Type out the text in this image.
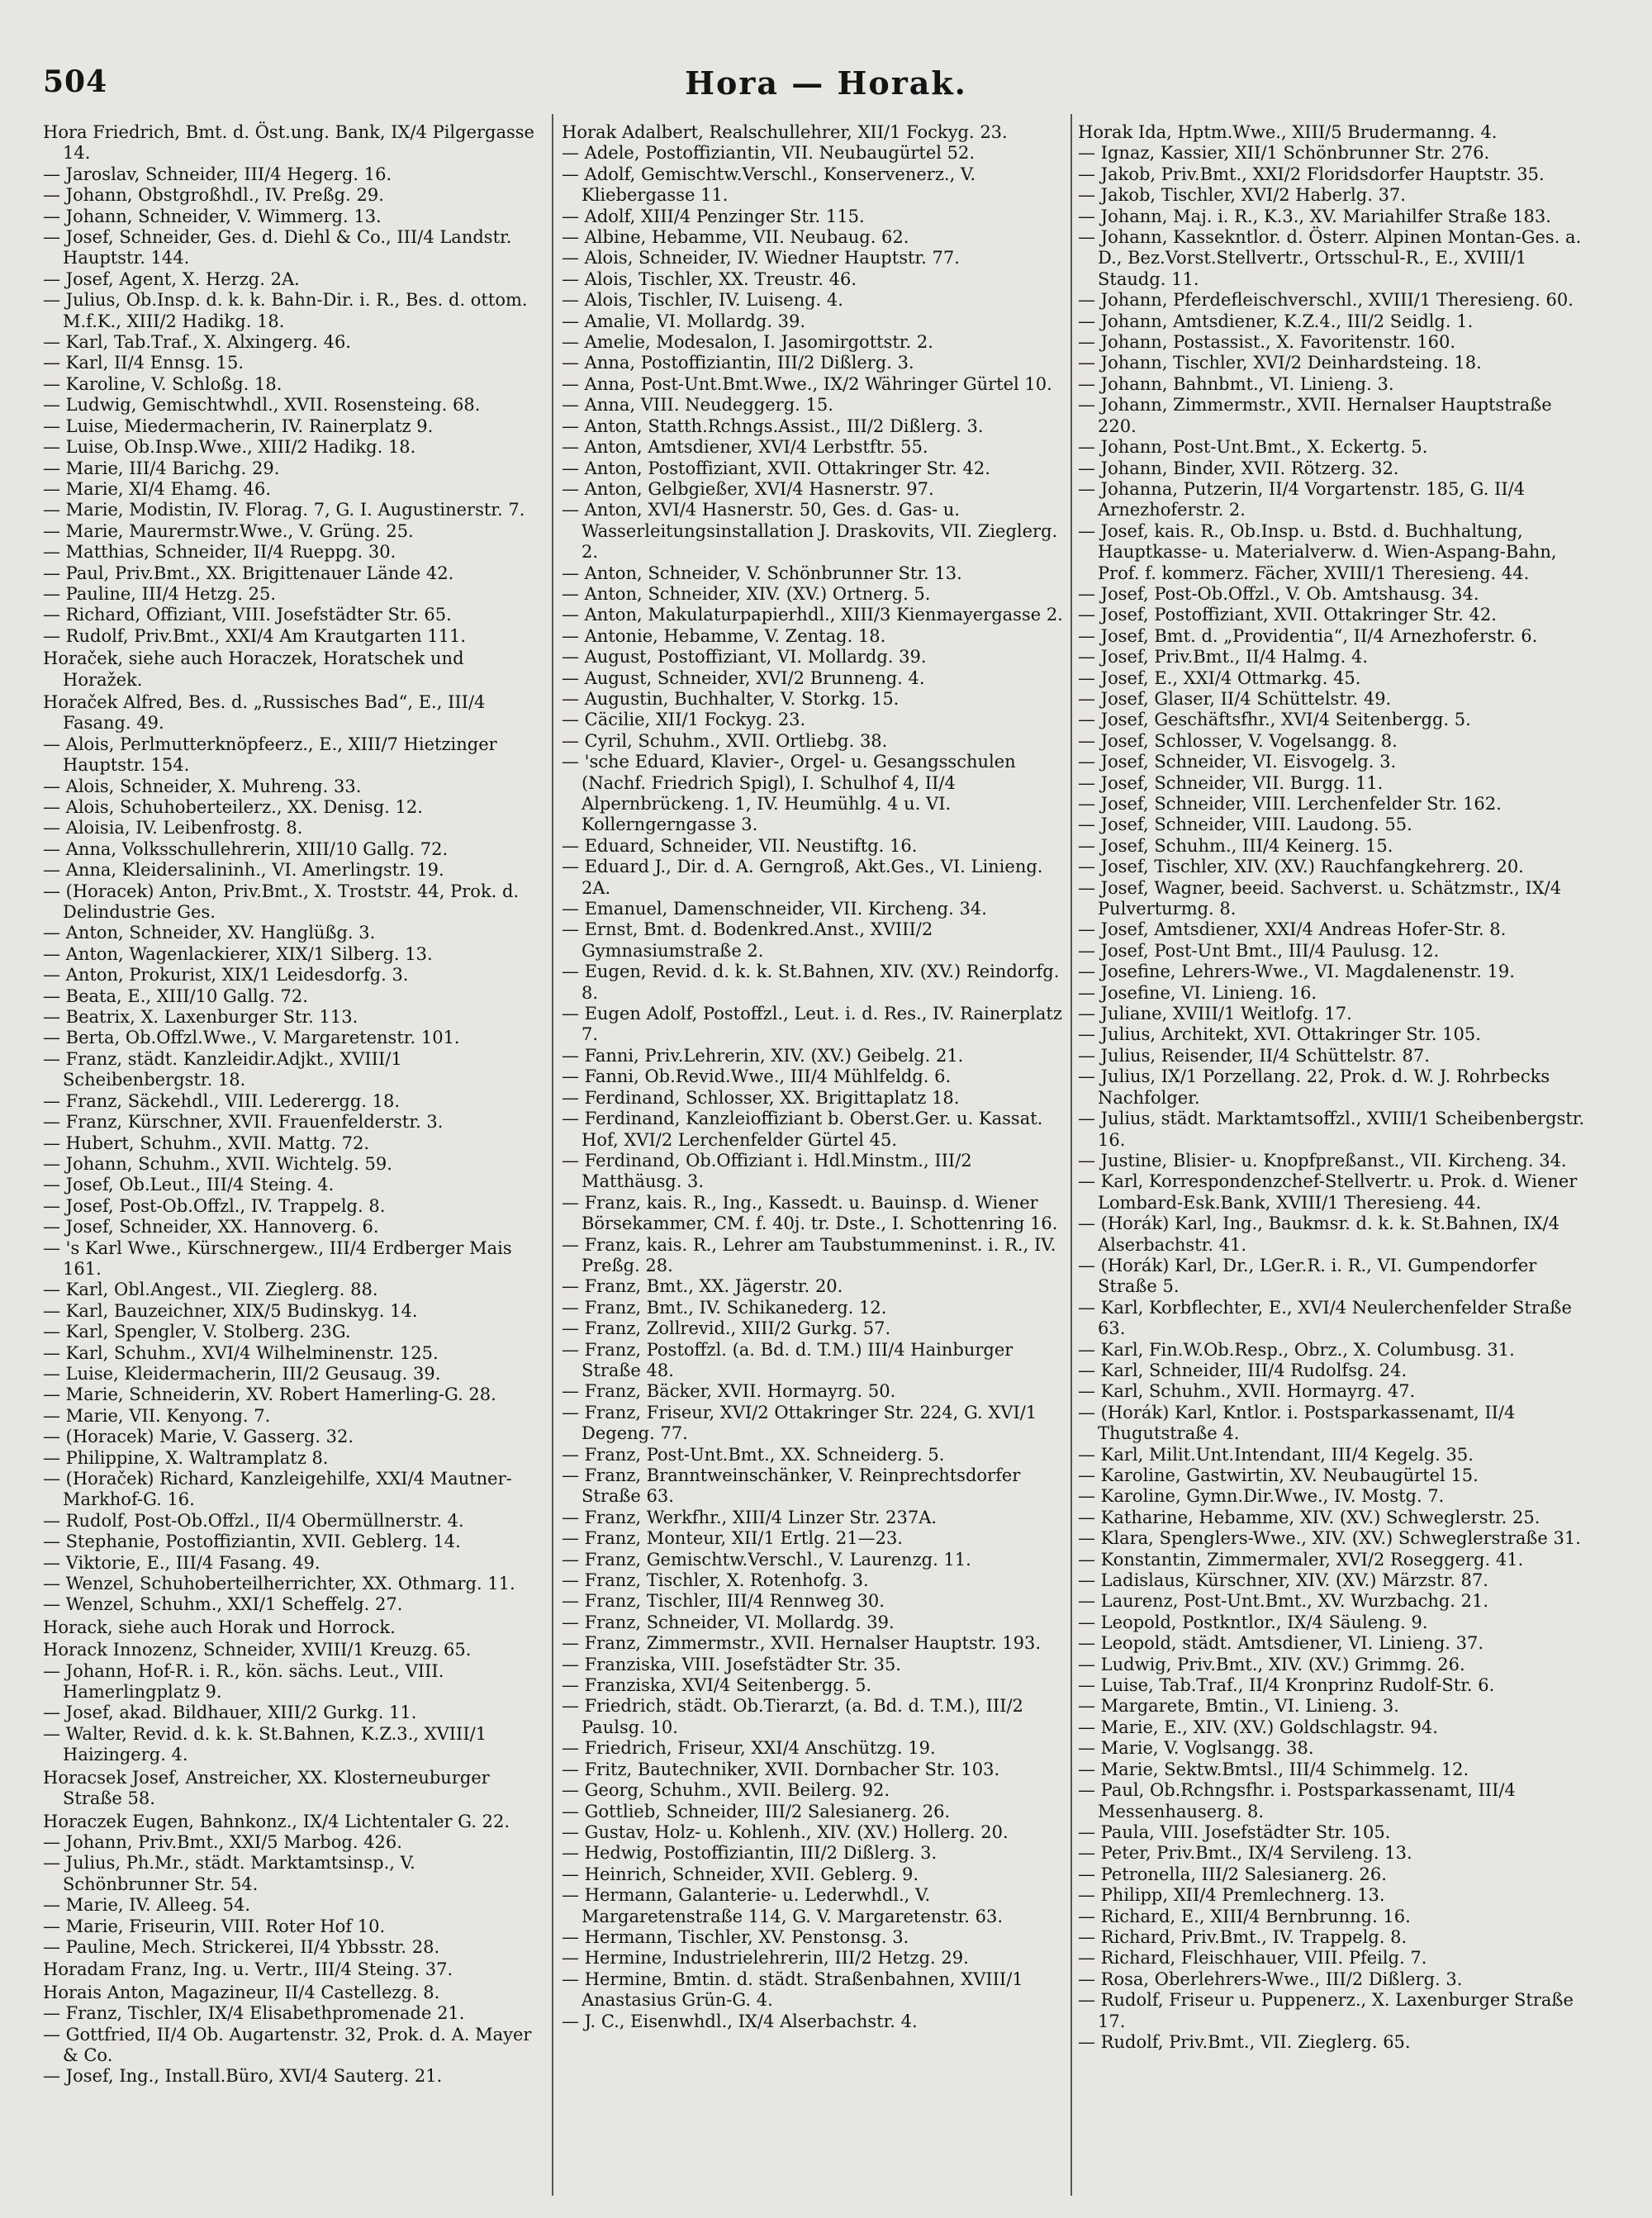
504	Hora — Horak.
Hora Friedrich, Bmt. d. Öst.ung. Bank, IX/4 Pilgergasse 14.
— Jaroslav, Schneider, III/4 Hegerg. 16.
— Johann, Obstgroßhdl., IV. Preßg. 29.
— Johann, Schneider, V. Wimmerg. 13.
— Josef, Schneider, Ges. d. Diehl & Co., III/4 Landstr. Hauptstr. 144.
— Josef, Agent, X. Herzg. 2A.
— Julius, Ob.Insp. d. k. k. Bahn-Dir. i. R., Bes. d. ottom. M.f.K., XIII/2 Hadikg. 18.
— Karl, Tab.Traf., X. Alxingerg. 46.
— Karl, II/4 Ennsg. 15.
— Karoline, V. Schloßg. 18.
— Ludwig, Gemischtwhdl., XVII. Rosensteing. 68.
— Luise, Miedermacherin, IV. Rainerplatz 9.
— Luise, Ob.Insp.Wwe., XIII/2 Hadikg. 18.
— Marie, III/4 Barichg. 29.
— Marie, XI/4 Ehamg. 46.
— Marie, Modistin, IV. Florag. 7, G. I. Augustinerstr. 7.
— Marie, Maurermstr.Wwe., V. Grüng. 25.
— Matthias, Schneider, II/4 Rueppg. 30.
— Paul, Priv.Bmt., XX. Brigittenauer Lände 42.
— Pauline, III/4 Hetzg. 25.
— Richard, Offiziant, VIII. Josefstädter Str. 65.
— Rudolf, Priv.Bmt., XXI/4 Am Krautgarten 111.
Horaček, siehe auch Horaczek, Horatschek und Horažek.
Horaček Alfred, Bes. d. „Russisches Bad“, E., III/4 Fasang. 49.
— Alois, Perlmutterknöpfeerz., E., XIII/7 Hietzinger Hauptstr. 154.
— Alois, Schneider, X. Muhreng. 33.
— Alois, Schuhoberteilerz., XX. Denisg. 12.
— Aloisia, IV. Leibenfrostg. 8.
— Anna, Volksschullehrerin, XIII/10 Gallg. 72.
— Anna, Kleidersalininh., VI. Amerlingstr. 19.
— (Horacek) Anton, Priv.Bmt., X. Troststr. 44, Prok. d. Delindustrie Ges.
— Anton, Schneider, XV. Hanglüßg. 3.
— Anton, Wagenlackierer, XIX/1 Silberg. 13.
— Anton, Prokurist, XIX/1 Leidesdorfg. 3.
— Beata, E., XIII/10 Gallg. 72.
— Beatrix, X. Laxenburger Str. 113.
— Berta, Ob.Offzl.Wwe., V. Margaretenstr. 101.
— Franz, städt. Kanzleidir.Adjkt., XVIII/1 Scheibenbergstr. 18.
— Franz, Säckehdl., VIII. Lederergg. 18.
— Franz, Kürschner, XVII. Frauenfelderstr. 3.
— Hubert, Schuhm., XVII. Mattg. 72.
— Johann, Schuhm., XVII. Wichtelg. 59.
— Josef, Ob.Leut., III/4 Steing. 4.
— Josef, Post-Ob.Offzl., IV. Trappelg. 8.
— Josef, Schneider, XX. Hannoverg. 6.
— 's Karl Wwe., Kürschnergew., III/4 Erdberger Mais 161.
— Karl, Obl.Angest., VII. Zieglerg. 88.
— Karl, Bauzeichner, XIX/5 Budinskyg. 14.
— Karl, Spengler, V. Stolberg. 23G.
— Karl, Schuhm., XVI/4 Wilhelminenstr. 125.
— Luise, Kleidermacherin, III/2 Geusaug. 39.
— Marie, Schneiderin, XV. Robert Hamerling-G. 28.
— Marie, VII. Kenyong. 7.
— (Horacek) Marie, V. Gasserg. 32.
— Philippine, X. Waltramplatz 8.
— (Horaček) Richard, Kanzleigehilfe, XXI/4 Mautner-Markhof-G. 16.
— Rudolf, Post-Ob.Offzl., II/4 Obermüllnerstr. 4.
— Stephanie, Postoffiziantin, XVII. Geblerg. 14.
— Viktorie, E., III/4 Fasang. 49.
— Wenzel, Schuhoberteilherrichter, XX. Othmarg. 11.
— Wenzel, Schuhm., XXI/1 Scheffelg. 27.
Horack, siehe auch Horak und Horrock.
Horack Innozenz, Schneider, XVIII/1 Kreuzg. 65.
— Johann, Hof-R. i. R., kön. sächs. Leut., VIII. Hamerlingplatz 9.
— Josef, akad. Bildhauer, XIII/2 Gurkg. 11.
— Walter, Revid. d. k. k. St.Bahnen, K.Z.3., XVIII/1 Haizingerg. 4.
Horacsek Josef, Anstreicher, XX. Klosterneuburger Straße 58.
Horaczek Eugen, Bahnkonz., IX/4 Lichtentaler G. 22.
— Johann, Priv.Bmt., XXI/5 Marbog. 426.
— Julius, Ph.Mr., städt. Marktamtsinsp., V. Schönbrunner Str. 54.
— Marie, IV. Alleeg. 54.
— Marie, Friseurin, VIII. Roter Hof 10.
— Pauline, Mech. Strickerei, II/4 Ybbsstr. 28.
Horadam Franz, Ing. u. Vertr., III/4 Steing. 37.
Horais Anton, Magazineur, II/4 Castellezg. 8.
— Franz, Tischler, IX/4 Elisabethpromenade 21.
— Gottfried, II/4 Ob. Augartenstr. 32, Prok. d. A. Mayer & Co.
— Josef, Ing., Install.Büro, XVI/4 Sauterg. 21.
Horak Adalbert, Realschullehrer, XII/1 Fockyg. 23.
— Adele, Postoffiziantin, VII. Neubaugürtel 52.
— Adolf, Gemischtw.Verschl., Konservenerz., V. Kliebergasse 11.
— Adolf, XIII/4 Penzinger Str. 115.
— Albine, Hebamme, VII. Neubaug. 62.
— Alois, Schneider, IV. Wiedner Hauptstr. 77.
— Alois, Tischler, XX. Treustr. 46.
— Alois, Tischler, IV. Luiseng. 4.
— Amalie, VI. Mollardg. 39.
— Amelie, Modesalon, I. Jasomirgottstr. 2.
— Anna, Postoffiziantin, III/2 Dißlerg. 3.
— Anna, Post-Unt.Bmt.Wwe., IX/2 Währinger Gürtel 10.
— Anna, VIII. Neudeggerg. 15.
— Anton, Statth.Rchngs.Assist., III/2 Dißlerg. 3.
— Anton, Amtsdiener, XVI/4 Lerbstftr. 55.
— Anton, Postoffiziant, XVII. Ottakringer Str. 42.
— Anton, Gelbgießer, XVI/4 Hasnerstr. 97.
— Anton, XVI/4 Hasnerstr. 50, Ges. d. Gas- u. Wasserleitungsinstallation J. Draskovits, VII. Zieglerg. 2.
— Anton, Schneider, V. Schönbrunner Str. 13.
— Anton, Schneider, XIV. (XV.) Ortnerg. 5.
— Anton, Makulaturpapierhdl., XIII/3 Kienmayergasse 2.
— Antonie, Hebamme, V. Zentag. 18.
— August, Postoffiziant, VI. Mollardg. 39.
— August, Schneider, XVI/2 Brunneng. 4.
— Augustin, Buchhalter, V. Storkg. 15.
— Cäcilie, XII/1 Fockyg. 23.
— Cyril, Schuhm., XVII. Ortliebg. 38.
— 'sche Eduard, Klavier-, Orgel- u. Gesangsschulen (Nachf. Friedrich Spigl), I. Schulhof 4, II/4 Alpernbrückeng. 1, IV. Heumühlg. 4 u. VI. Kollerngerngasse 3.
— Eduard, Schneider, VII. Neustiftg. 16.
— Eduard J., Dir. d. A. Gerngroß, Akt.Ges., VI. Linieng. 2A.
— Emanuel, Damenschneider, VII. Kircheng. 34.
— Ernst, Bmt. d. Bodenkred.Anst., XVIII/2 Gymnasiumstraße 2.
— Eugen, Revid. d. k. k. St.Bahnen, XIV. (XV.) Reindorfg. 8.
— Eugen Adolf, Postoffzl., Leut. i. d. Res., IV. Rainerplatz 7.
— Fanni, Priv.Lehrerin, XIV. (XV.) Geibelg. 21.
— Fanni, Ob.Revid.Wwe., III/4 Mühlfeldg. 6.
— Ferdinand, Schlosser, XX. Brigittaplatz 18.
— Ferdinand, Kanzleioffiziant b. Oberst.Ger. u. Kassat. Hof, XVI/2 Lerchenfelder Gürtel 45.
— Ferdinand, Ob.Offiziant i. Hdl.Minstm., III/2 Matthäusg. 3.
— Franz, kais. R., Ing., Kassedt. u. Bauinsp. d. Wiener Börsekammer, CM. f. 40j. tr. Dste., I. Schottenring 16.
— Franz, kais. R., Lehrer am Taubstummeninst. i. R., IV. Preßg. 28.
— Franz, Bmt., XX. Jägerstr. 20.
— Franz, Bmt., IV. Schikanederg. 12.
— Franz, Zollrevid., XIII/2 Gurkg. 57.
— Franz, Postoffzl. (a. Bd. d. T.M.) III/4 Hainburger Straße 48.
— Franz, Bäcker, XVII. Hormayrg. 50.
— Franz, Friseur, XVI/2 Ottakringer Str. 224, G. XVI/1 Degeng. 77.
— Franz, Post-Unt.Bmt., XX. Schneiderg. 5.
— Franz, Branntweinschänker, V. Reinprechtsdorfer Straße 63.
— Franz, Werkfhr., XIII/4 Linzer Str. 237A.
— Franz, Monteur, XII/1 Ertlg. 21—23.
— Franz, Gemischtw.Verschl., V. Laurenzg. 11.
— Franz, Tischler, X. Rotenhofg. 3.
— Franz, Tischler, III/4 Rennweg 30.
— Franz, Schneider, VI. Mollardg. 39.
— Franz, Zimmermstr., XVII. Hernalser Hauptstr. 193.
— Franziska, VIII. Josefstädter Str. 35.
— Franziska, XVI/4 Seitenbergg. 5.
— Friedrich, städt. Ob.Tierarzt, (a. Bd. d. T.M.), III/2 Paulsg. 10.
— Friedrich, Friseur, XXI/4 Anschützg. 19.
— Fritz, Bautechniker, XVII. Dornbacher Str. 103.
— Georg, Schuhm., XVII. Beilerg. 92.
— Gottlieb, Schneider, III/2 Salesianerg. 26.
— Gustav, Holz- u. Kohlenh., XIV. (XV.) Hollerg. 20.
— Hedwig, Postoffiziantin, III/2 Dißlerg. 3.
— Heinrich, Schneider, XVII. Geblerg. 9.
— Hermann, Galanterie- u. Lederwhdl., V. Margaretenstraße 114, G. V. Margaretenstr. 63.
— Hermann, Tischler, XV. Penstonsg. 3.
— Hermine, Industrielehrerin, III/2 Hetzg. 29.
— Hermine, Bmtin. d. städt. Straßenbahnen, XVIII/1 Anastasius Grün-G. 4.
— J. C., Eisenwhdl., IX/4 Alserbachstr. 4.
Horak Ida, Hptm.Wwe., XIII/5 Brudermanng. 4.
— Ignaz, Kassier, XII/1 Schönbrunner Str. 276.
— Jakob, Priv.Bmt., XXI/2 Floridsdorfer Hauptstr. 35.
— Jakob, Tischler, XVI/2 Haberlg. 37.
— Johann, Maj. i. R., K.3., XV. Mariahilfer Straße 183.
— Johann, Kassekntlor. d. Österr. Alpinen Montan-Ges. a. D., Bez.Vorst.Stellvertr., Ortsschul-R., E., XVIII/1 Staudg. 11.
— Johann, Pferdefleischverschl., XVIII/1 Theresieng. 60.
— Johann, Amtsdiener, K.Z.4., III/2 Seidlg. 1.
— Johann, Postassist., X. Favoritenstr. 160.
— Johann, Tischler, XVI/2 Deinhardsteing. 18.
— Johann, Bahnbmt., VI. Linieng. 3.
— Johann, Zimmermstr., XVII. Hernalser Hauptstraße 220.
— Johann, Post-Unt.Bmt., X. Eckertg. 5.
— Johann, Binder, XVII. Rötzerg. 32.
— Johanna, Putzerin, II/4 Vorgartenstr. 185, G. II/4 Arnezhoferstr. 2.
— Josef, kais. R., Ob.Insp. u. Bstd. d. Buchhaltung, Hauptkasse- u. Materialverw. d. Wien-Aspang-Bahn, Prof. f. kommerz. Fächer, XVIII/1 Theresieng. 44.
— Josef, Post-Ob.Offzl., V. Ob. Amtshausg. 34.
— Josef, Postoffiziant, XVII. Ottakringer Str. 42.
— Josef, Bmt. d. „Providentia“, II/4 Arnezhoferstr. 6.
— Josef, Priv.Bmt., II/4 Halmg. 4.
— Josef, E., XXI/4 Ottmarkg. 45.
— Josef, Glaser, II/4 Schüttelstr. 49.
— Josef, Geschäftsfhr., XVI/4 Seitenbergg. 5.
— Josef, Schlosser, V. Vogelsangg. 8.
— Josef, Schneider, VI. Eisvogelg. 3.
— Josef, Schneider, VII. Burgg. 11.
— Josef, Schneider, VIII. Lerchenfelder Str. 162.
— Josef, Schneider, VIII. Laudong. 55.
— Josef, Schuhm., III/4 Keinerg. 15.
— Josef, Tischler, XIV. (XV.) Rauchfangkehrerg. 20.
— Josef, Wagner, beeid. Sachverst. u. Schätzmstr., IX/4 Pulverturmg. 8.
— Josef, Amtsdiener, XXI/4 Andreas Hofer-Str. 8.
— Josef, Post-Unt Bmt., III/4 Paulusg. 12.
— Josefine, Lehrers-Wwe., VI. Magdalenenstr. 19.
— Josefine, VI. Linieng. 16.
— Juliane, XVIII/1 Weitlofg. 17.
— Julius, Architekt, XVI. Ottakringer Str. 105.
— Julius, Reisender, II/4 Schüttelstr. 87.
— Julius, IX/1 Porzellang. 22, Prok. d. W. J. Rohrbecks Nachfolger.
— Julius, städt. Marktamtsoffzl., XVIII/1 Scheibenbergstr. 16.
— Justine, Blisier- u. Knopfpreßanst., VII. Kircheng. 34.
— Karl, Korrespondenzchef-Stellvertr. u. Prok. d. Wiener Lombard-Esk.Bank, XVIII/1 Theresieng. 44.
— (Horák) Karl, Ing., Baukmsr. d. k. k. St.Bahnen, IX/4 Alserbachstr. 41.
— (Horák) Karl, Dr., LGer.R. i. R., VI. Gumpendorfer Straße 5.
— Karl, Korbflechter, E., XVI/4 Neulerchenfelder Straße 63.
— Karl, Fin.W.Ob.Resp., Obrz., X. Columbusg. 31.
— Karl, Schneider, III/4 Rudolfsg. 24.
— Karl, Schuhm., XVII. Hormayrg. 47.
— (Horák) Karl, Kntlor. i. Postsparkassenamt, II/4 Thugutstraße 4.
— Karl, Milit.Unt.Intendant, III/4 Kegelg. 35.
— Karoline, Gastwirtin, XV. Neubaugürtel 15.
— Karoline, Gymn.Dir.Wwe., IV. Mostg. 7.
— Katharine, Hebamme, XIV. (XV.) Schweglerstr. 25.
— Klara, Spenglers-Wwe., XIV. (XV.) Schweglerstraße 31.
— Konstantin, Zimmermaler, XVI/2 Roseggerg. 41.
— Ladislaus, Kürschner, XIV. (XV.) Märzstr. 87.
— Laurenz, Post-Unt.Bmt., XV. Wurzbachg. 21.
— Leopold, Postkntlor., IX/4 Säuleng. 9.
— Leopold, städt. Amtsdiener, VI. Linieng. 37.
— Ludwig, Priv.Bmt., XIV. (XV.) Grimmg. 26.
— Luise, Tab.Traf., II/4 Kronprinz Rudolf-Str. 6.
— Margarete, Bmtin., VI. Linieng. 3.
— Marie, E., XIV. (XV.) Goldschlagstr. 94.
— Marie, V. Voglsangg. 38.
— Marie, Sektw.Bmtsl., III/4 Schimmelg. 12.
— Paul, Ob.Rchngsfhr. i. Postsparkassenamt, III/4 Messenhauserg. 8.
— Paula, VIII. Josefstädter Str. 105.
— Peter, Priv.Bmt., IX/4 Servileng. 13.
— Petronella, III/2 Salesianerg. 26.
— Philipp, XII/4 Premlechnerg. 13.
— Richard, E., XIII/4 Bernbrunng. 16.
— Richard, Priv.Bmt., IV. Trappelg. 8.
— Richard, Fleischhauer, VIII. Pfeilg. 7.
— Rosa, Oberlehrers-Wwe., III/2 Dißlerg. 3.
— Rudolf, Friseur u. Puppenerz., X. Laxenburger Straße 17.
— Rudolf, Priv.Bmt., VII. Zieglerg. 65.
